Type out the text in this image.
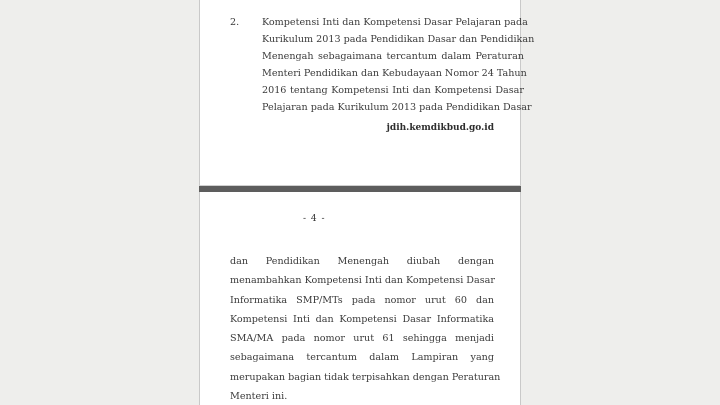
2. Kompetensi Inti dan Kompetensi Dasar Pelajaran pada
Kurikulum 2013 pada Pendidikan Dasar dan Pendidikan
Menengah sebagaimana tercantum dalam Peraturan
Menteri Pendidikan dan Kebudayaan Nomor 24 Tahun
2016 tentang Kompetensi Inti dan Kompetensi Dasar
Pelajaran pada Kurikulum 2013 pada Pendidikan Dasar
jdih.kemdikbud.go.id
- 4 -
dan Pendidikan Menengah diubah dengan
menambahkan Kompetensi Inti dan Kompetensi Dasar
Informatika SMP/MTs pada nomor urut 60 dan
Kompetensi Inti dan Kompetensi Dasar Informatika
SMA/MA pada nomor urut 61 sehingga menjadi
sebagaimana tercantum dalam Lampiran yang
merupakan bagian tidak terpisahkan dengan Peraturan
Menteri ini.
